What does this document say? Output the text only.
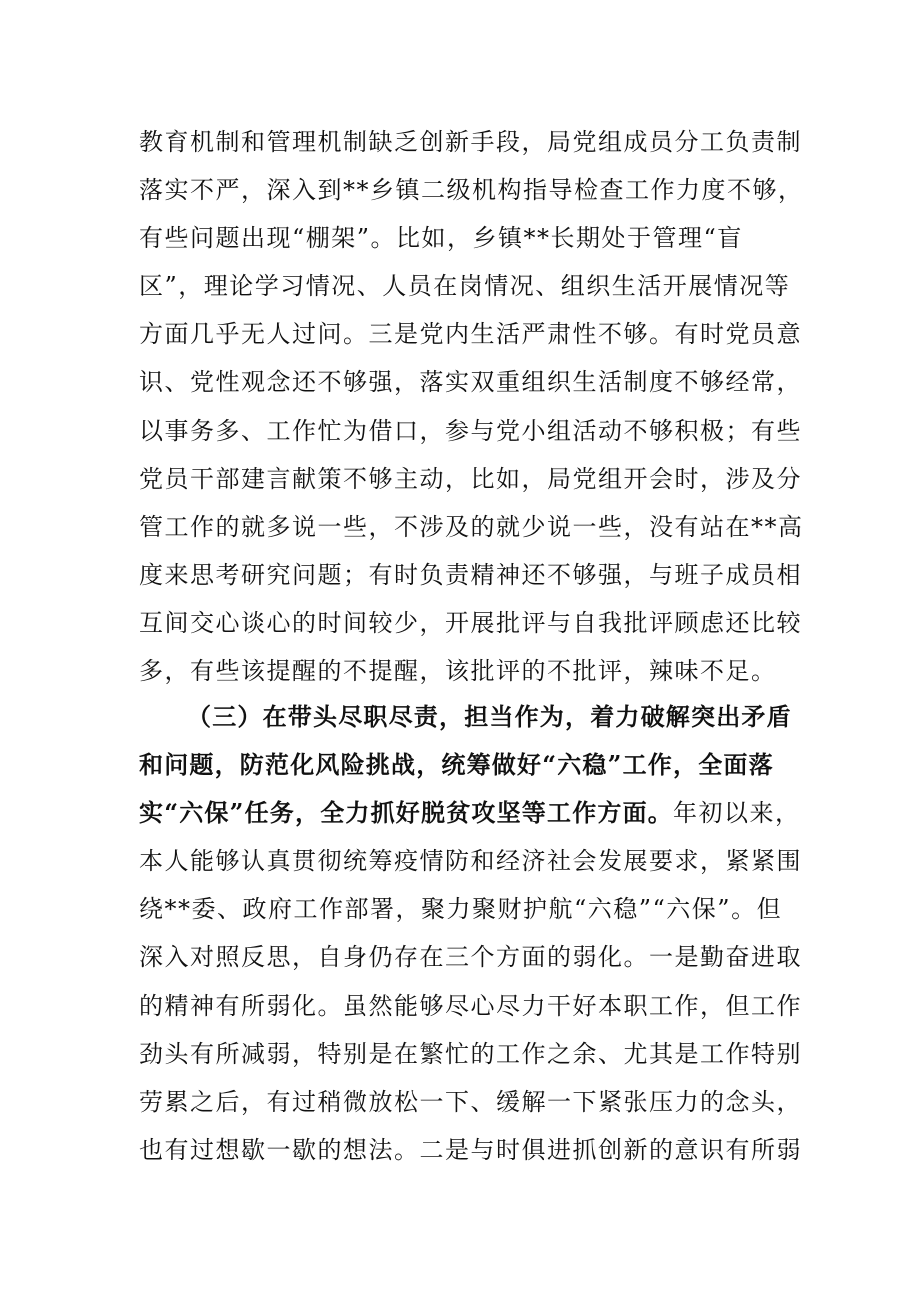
教育机制和管理机制缺乏创新手段，局党组成员分工负责制
落实不严，深入到**乡镇二级机构指导检查工作力度不够，
有些问题出现“棚架”。比如，乡镇**长期处于管理“盲
区”，理论学习情况、人员在岗情况、组织生活开展情况等
方面几乎无人过问。三是党内生活严肃性不够。有时党员意
识、党性观念还不够强，落实双重组织生活制度不够经常，
以事务多、工作忙为借口，参与党小组活动不够积极；有些
党员干部建言献策不够主动，比如，局党组开会时，涉及分
管工作的就多说一些，不涉及的就少说一些，没有站在**高
度来思考研究问题；有时负责精神还不够强，与班子成员相
互间交心谈心的时间较少，开展批评与自我批评顾虑还比较
多，有些该提醒的不提醒，该批评的不批评，辣味不足。
（三）在带头尽职尽责，担当作为，着力破解突出矛盾
和问题，防范化风险挑战，统筹做好“六稳”工作，全面落
实“六保”任务，全力抓好脱贫攻坚等工作方面。年初以来，
本人能够认真贯彻统筹疫情防和经济社会发展要求，紧紧围
绕**委、政府工作部署，聚力聚财护航“六稳”“六保”。但
深入对照反思，自身仍存在三个方面的弱化。一是勤奋进取
的精神有所弱化。虽然能够尽心尽力干好本职工作，但工作
劲头有所减弱，特别是在繁忙的工作之余、尤其是工作特别
劳累之后，有过稍微放松一下、缓解一下紧张压力的念头，
也有过想歇一歇的想法。二是与时俱进抓创新的意识有所弱
